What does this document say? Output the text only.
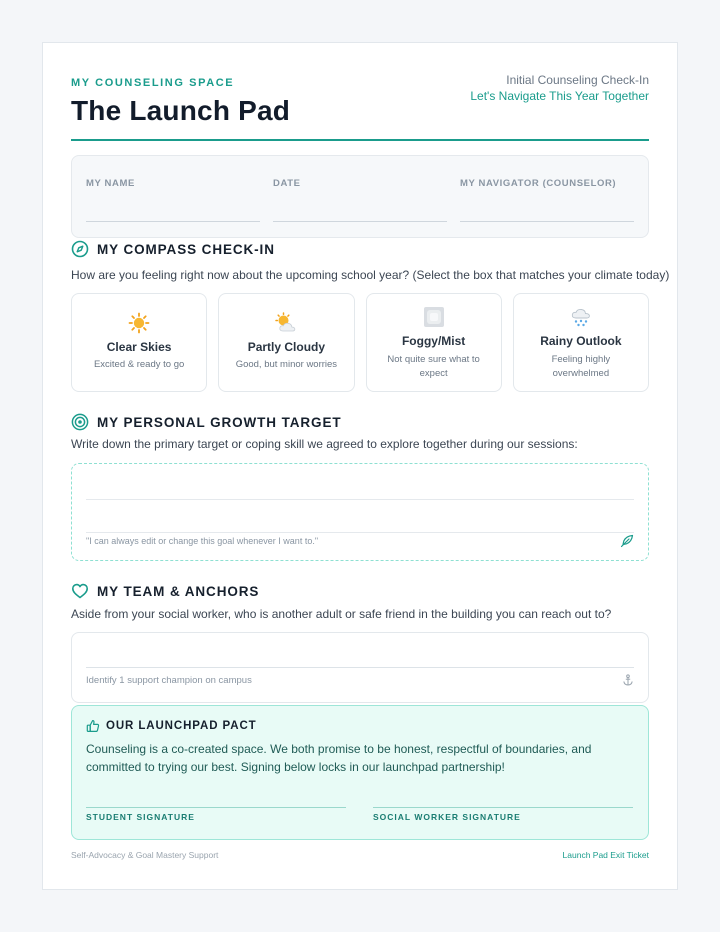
MY COUNSELING SPACE
The Launch Pad
Initial Counseling Check-In
Let's Navigate This Year Together
MY NAME	DATE	MY NAVIGATOR (COUNSELOR)
MY COMPASS CHECK-IN
How are you feeling right now about the upcoming school year? (Select the box that matches your climate today)
Clear Skies
Excited & ready to go
Partly Cloudy
Good, but minor worries
Foggy/Mist
Not quite sure what to expect
Rainy Outlook
Feeling highly overwhelmed
MY PERSONAL GROWTH TARGET
Write down the primary target or coping skill we agreed to explore together during our sessions:
"I can always edit or change this goal whenever I want to."
MY TEAM & ANCHORS
Aside from your social worker, who is another adult or safe friend in the building you can reach out to?
Identify 1 support champion on campus
OUR LAUNCHPAD PACT
Counseling is a co-created space. We both promise to be honest, respectful of boundaries, and committed to trying our best. Signing below locks in our launchpad partnership!
STUDENT SIGNATURE	SOCIAL WORKER SIGNATURE
Self-Advocacy & Goal Mastery Support	Launch Pad Exit Ticket
